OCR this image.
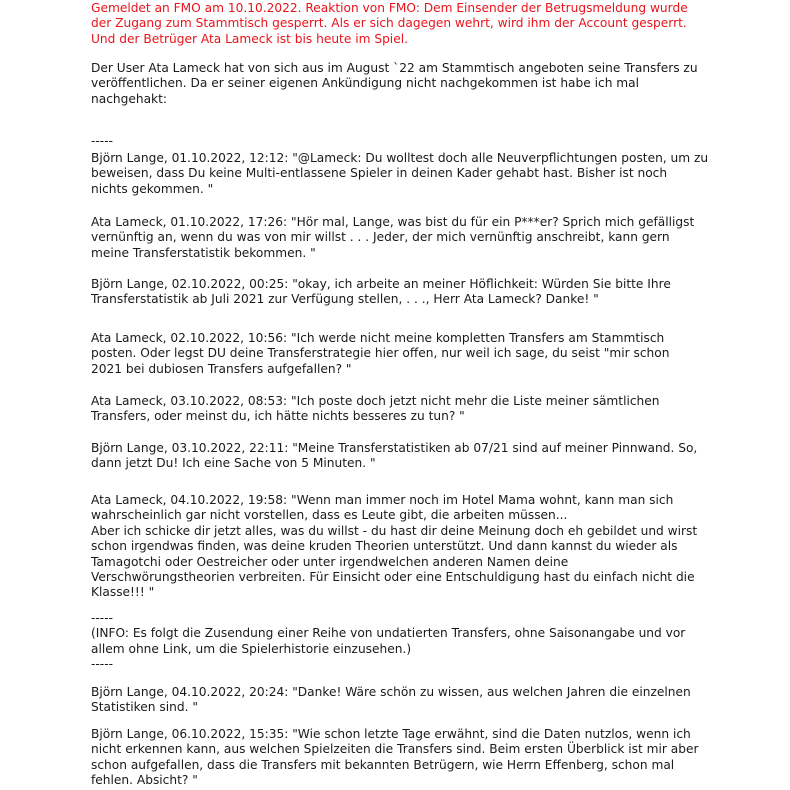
Gemeldet an FMO am 10.10.2022. Reaktion von FMO: Dem Einsender der Betrugsmeldung wurde
der Zugang zum Stammtisch gesperrt. Als er sich dagegen wehrt, wird ihm der Account gesperrt.
Und der Betrüger Ata Lameck ist bis heute im Spiel.
Der User Ata Lameck hat von sich aus im August `22 am Stammtisch angeboten seine Transfers zu
veröffentlichen. Da er seiner eigenen Ankündigung nicht nachgekommen ist habe ich mal
nachgehakt:
-----
Björn Lange, 01.10.2022, 12:12: "@Lameck: Du wolltest doch alle Neuverpflichtungen posten, um zu
beweisen, dass Du keine Multi-entlassene Spieler in deinen Kader gehabt hast. Bisher ist noch
nichts gekommen. "
Ata Lameck, 01.10.2022, 17:26: "Hör mal, Lange, was bist du für ein P***er? Sprich mich gefälligst
vernünftig an, wenn du was von mir willst . . . Jeder, der mich vernünftig anschreibt, kann gern
meine Transferstatistik bekommen. "
Björn Lange, 02.10.2022, 00:25: "okay, ich arbeite an meiner Höflichkeit: Würden Sie bitte Ihre
Transferstatistik ab Juli 2021 zur Verfügung stellen, . . ., Herr Ata Lameck? Danke! "
Ata Lameck, 02.10.2022, 10:56: "Ich werde nicht meine kompletten Transfers am Stammtisch
posten. Oder legst DU deine Transferstrategie hier offen, nur weil ich sage, du seist "mir schon
2021 bei dubiosen Transfers aufgefallen? "
Ata Lameck, 03.10.2022, 08:53: "Ich poste doch jetzt nicht mehr die Liste meiner sämtlichen
Transfers, oder meinst du, ich hätte nichts besseres zu tun? "
Björn Lange, 03.10.2022, 22:11: "Meine Transferstatistiken ab 07/21 sind auf meiner Pinnwand. So,
dann jetzt Du! Ich eine Sache von 5 Minuten. "
Ata Lameck, 04.10.2022, 19:58: "Wenn man immer noch im Hotel Mama wohnt, kann man sich
wahrscheinlich gar nicht vorstellen, dass es Leute gibt, die arbeiten müssen...
Aber ich schicke dir jetzt alles, was du willst - du hast dir deine Meinung doch eh gebildet und wirst
schon irgendwas finden, was deine kruden Theorien unterstützt. Und dann kannst du wieder als
Tamagotchi oder Oestreicher oder unter irgendwelchen anderen Namen deine
Verschwörungstheorien verbreiten. Für Einsicht oder eine Entschuldigung hast du einfach nicht die
Klasse!!! "
-----
(INFO: Es folgt die Zusendung einer Reihe von undatierten Transfers, ohne Saisonangabe und vor
allem ohne Link, um die Spielerhistorie einzusehen.)
-----
Björn Lange, 04.10.2022, 20:24: "Danke! Wäre schön zu wissen, aus welchen Jahren die einzelnen
Statistiken sind. "
Björn Lange, 06.10.2022, 15:35: "Wie schon letzte Tage erwähnt, sind die Daten nutzlos, wenn ich
nicht erkennen kann, aus welchen Spielzeiten die Transfers sind. Beim ersten Überblick ist mir aber
schon aufgefallen, dass die Transfers mit bekannten Betrügern, wie Herrn Effenberg, schon mal
fehlen. Absicht? "
